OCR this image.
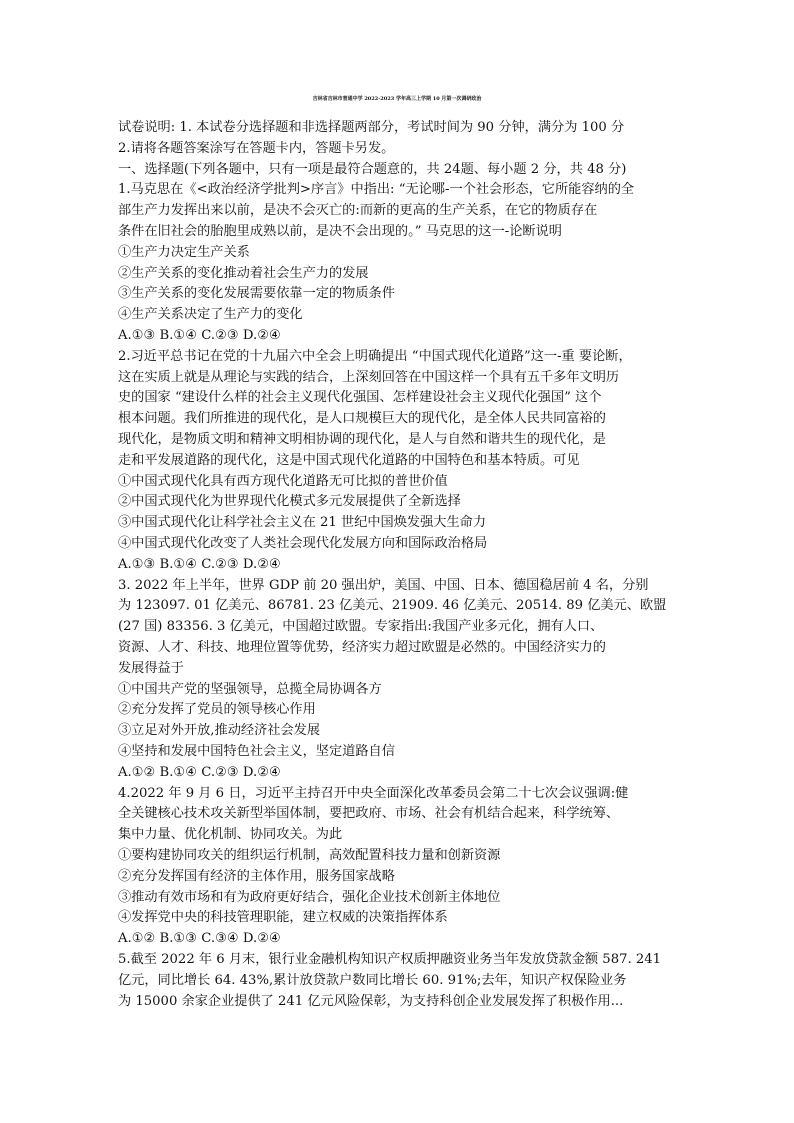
吉林省吉林市普通中学 2022-2023 学年高三上学期 10 月第一次调研政治
试卷说明: 1. 本试卷分选择题和非选择题两部分，考试时间为 90 分钟，满分为 100 分
2.请将各题答案涂写在答题卡内，答题卡另发。
一、选择题(下列各题中，只有一项是最符合题意的，共 24题、每小题 2 分，共 48 分)
1.马克思在《<政治经济学批判>序言》中指出: “无论哪-一个社会形态，它所能容纳的全
部生产力发挥出来以前，是决不会灭亡的:而新的更高的生产关系，在它的物质存在
条件在旧社会的胎胞里成熟以前，是决不会出现的。” 马克思的这一-论断说明
①生产力决定生产关系
②生产关系的变化推动着社会生产力的发展
③生产关系的变化发展需要依靠一定的物质条件
④生产关系决定了生产力的变化
A.①③ B.①④ C.②③ D.②④
2.习近平总书记在党的十九届六中全会上明确提出 “中国式现代化道路”这一-重 要论断，
这在实质上就是从理论与实践的结合，上深刻回答在中国这样一个具有五千多年文明历
史的国家 “建设什么样的社会主义现代化强国、怎样建设社会主义现代化强国” 这个
根本问题。我们所推进的现代化，是人口规模巨大的现代化，是全体人民共同富裕的
现代化，是物质文明和精神文明相协调的现代化，是人与自然和谐共生的现代化，是
走和平发展道路的现代化，这是中国式现代化道路的中国特色和基本特质。可见
①中国式现代化具有西方现代化道路无可比拟的普世价值
②中国式现代化为世界现代化模式多元发展提供了全新选择
③中国式现代化让科学社会主义在 21 世纪中国焕发强大生命力
④中国式现代化改变了人类社会现代化发展方向和国际政治格局
A.①③ B.①④ C.②③ D.②④
3. 2022 年上半年，世界 GDP 前 20 强出炉，美国、中国、日本、德国稳居前 4 名，分别
为 123097. 01 亿美元、86781. 23 亿美元、21909. 46 亿美元、20514. 89 亿美元、欧盟
(27 国) 83356. 3 亿美元，中国超过欧盟。专家指出:我国产业多元化，拥有人口、
资源、人才、科技、地理位置等优势，经济实力超过欧盟是必然的。中国经济实力的
发展得益于
①中国共产党的坚强领导，总揽全局协调各方
②充分发挥了党员的领导核心作用
③立足对外开放,推动经济社会发展
④坚持和发展中国特色社会主义，坚定道路自信
A.①② B.①④ C.②③ D.②④
4.2022 年 9 月 6 日，习近平主持召开中央全面深化改革委员会第二十七次会议强调:健
全关键核心技术攻关新型举国体制，要把政府、市场、社会有机结合起来，科学统筹、
集中力量、优化机制、协同攻关。为此
①要构建协同攻关的组织运行机制，高效配置科技力量和创新资源
②充分发挥国有经济的主体作用，服务国家战略
③推动有效市场和有为政府更好结合，强化企业技术创新主体地位
④发挥党中央的科技管理职能，建立权威的决策指挥体系
A.①② B.①③ C.③④ D.②④
5.截至 2022 年 6 月末，银行业金融机构知识产权质押融资业务当年发放贷款金额 587. 241
亿元，同比增长 64. 43%,累计放贷款户数同比增长 60. 91%;去年，知识产权保险业务
为 15000 余家企业提供了 241 亿元风险保彰，为支持科创企业发展发挥了积极作用...
